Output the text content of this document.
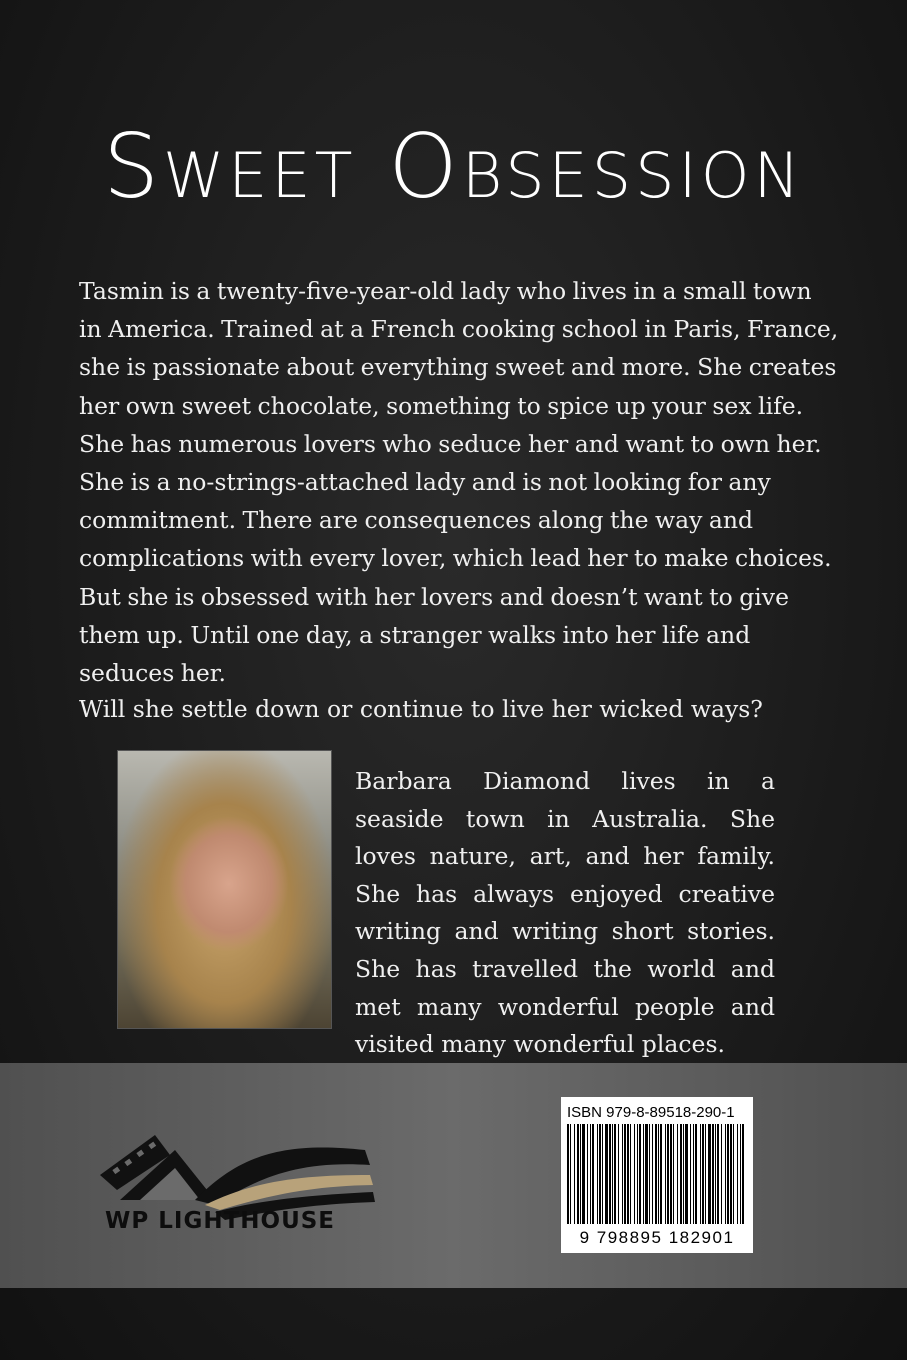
Sweet Obsession

Tasmin is a twenty-five-year-old lady who lives in a small town in America. Trained at a French cooking school in Paris, France, she is passionate about everything sweet and more. She creates her own sweet chocolate, something to spice up your sex life. She has numerous lovers who seduce her and want to own her. She is a no-strings-attached lady and is not looking for any commitment. There are consequences along the way and complications with every lover, which lead her to make choices. But she is obsessed with her lovers and doesn’t want to give them up. Until one day, a stranger walks into her life and seduces her.

Will she settle down or continue to live her wicked ways?

Barbara Diamond lives in a seaside town in Australia. She loves nature, art, and her family. She has always enjoyed creative writing and writing short stories. She has travelled the world and met many wonderful people and visited many wonderful places.

WP LIGHTHOUSE
ISBN 979-8-89518-290-1
9 798895 182901
